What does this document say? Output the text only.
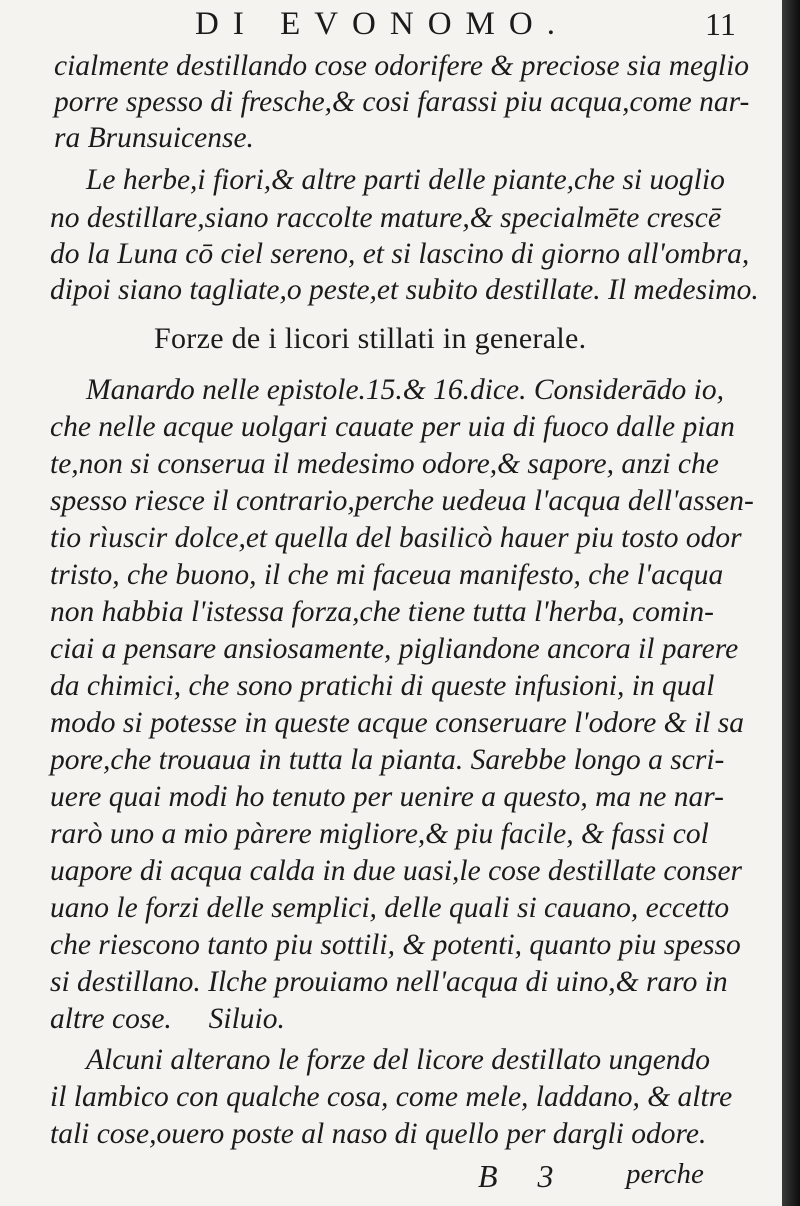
DI EVONOMO.	11
cialmente destillando cose odorifere & preciose sia meglio
porre spesso di fresche,& cosi farassi piu acqua,come nar-
ra Brunsuicense.
Le herbe,i fiori,& altre parti delle piante,che si uoglio
no destillare,siano raccolte mature,& specialmēte crescē
do la Luna cō ciel sereno, et si lascino di giorno all'ombra,
dipoi siano tagliate,o peste,et subito destillate. Il medesimo.
Forze de i licori stillati in generale.
Manardo nelle epistole.15.& 16.dice. Considerādo io,
che nelle acque uolgari cauate per uia di fuoco dalle pian
te,non si conserua il medesimo odore,& sapore, anzi che
spesso riesce il contrario,perche uedeua l'acqua dell'assen-
tio rìuscir dolce,et quella del basilicò hauer piu tosto odor
tristo, che buono, il che mi faceua manifesto, che l'acqua
non habbia l'istessa forza,che tiene tutta l'herba, comin-
ciai a pensare ansiosamente, pigliandone ancora il parere
da chimici, che sono pratichi di queste infusioni, in qual
modo si potesse in queste acque conseruare l'odore & il sa
pore,che trouaua in tutta la pianta. Sarebbe longo a scri-
uere quai modi ho tenuto per uenire a questo, ma ne nar-
rarò uno a mio pàrere migliore,& piu facile, & fassi col
uapore di acqua calda in due uasi,le cose destillate conser
uano le forzi delle semplici, delle quali si cauano, eccetto
che riescono tanto piu sottili, & potenti, quanto piu spesso
si destillano. Ilche prouiamo nell'acqua di uino,& raro in
altre cose.     Siluio.
Alcuni alterano le forze del licore destillato ungendo
il lambico con qualche cosa, come mele, laddano, & altre
tali cose,ouero poste al naso di quello per dargli odore.
B 3 perche
